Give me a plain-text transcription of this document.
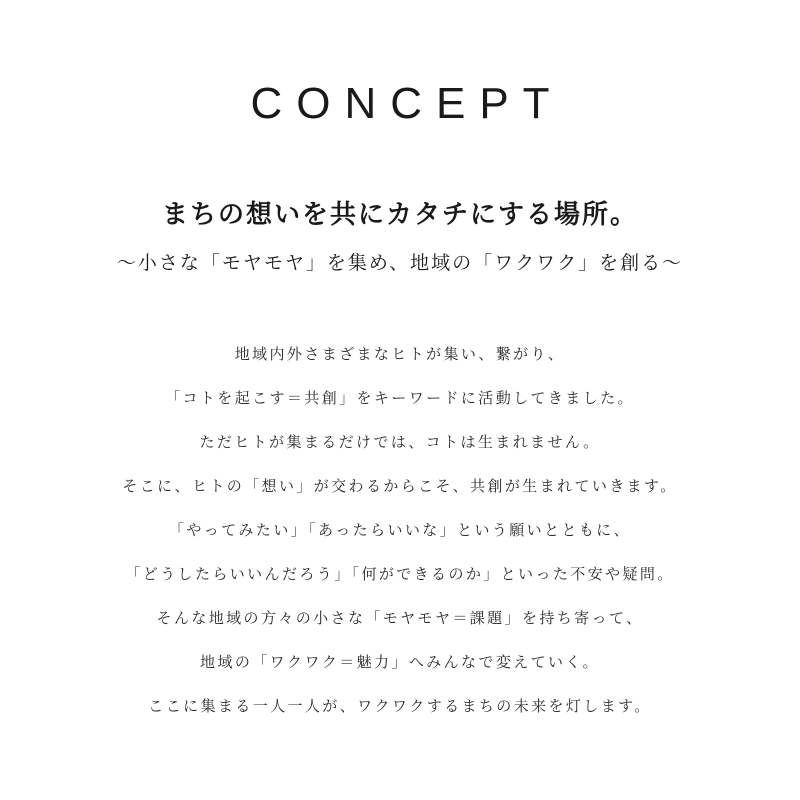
CONCEPT
まちの想いを共にカタチにする場所。

〜小さな「モヤモヤ」を集め、地域の「ワクワク」を創る〜

地域内外さまざまなヒトが集い、繋がり、
「コトを起こす＝共創」をキーワードに活動してきました。
ただヒトが集まるだけでは、コトは生まれません。
そこに、ヒトの「想い」が交わるからこそ、共創が生まれていきます。
「やってみたい」「あったらいいな」という願いとともに、
「どうしたらいいんだろう」「何ができるのか」といった不安や疑問。
そんな地域の方々の小さな「モヤモヤ＝課題」を持ち寄って、
地域の「ワクワク＝魅力」へみんなで変えていく。
ここに集まる一人一人が、ワクワクするまちの未来を灯します。
